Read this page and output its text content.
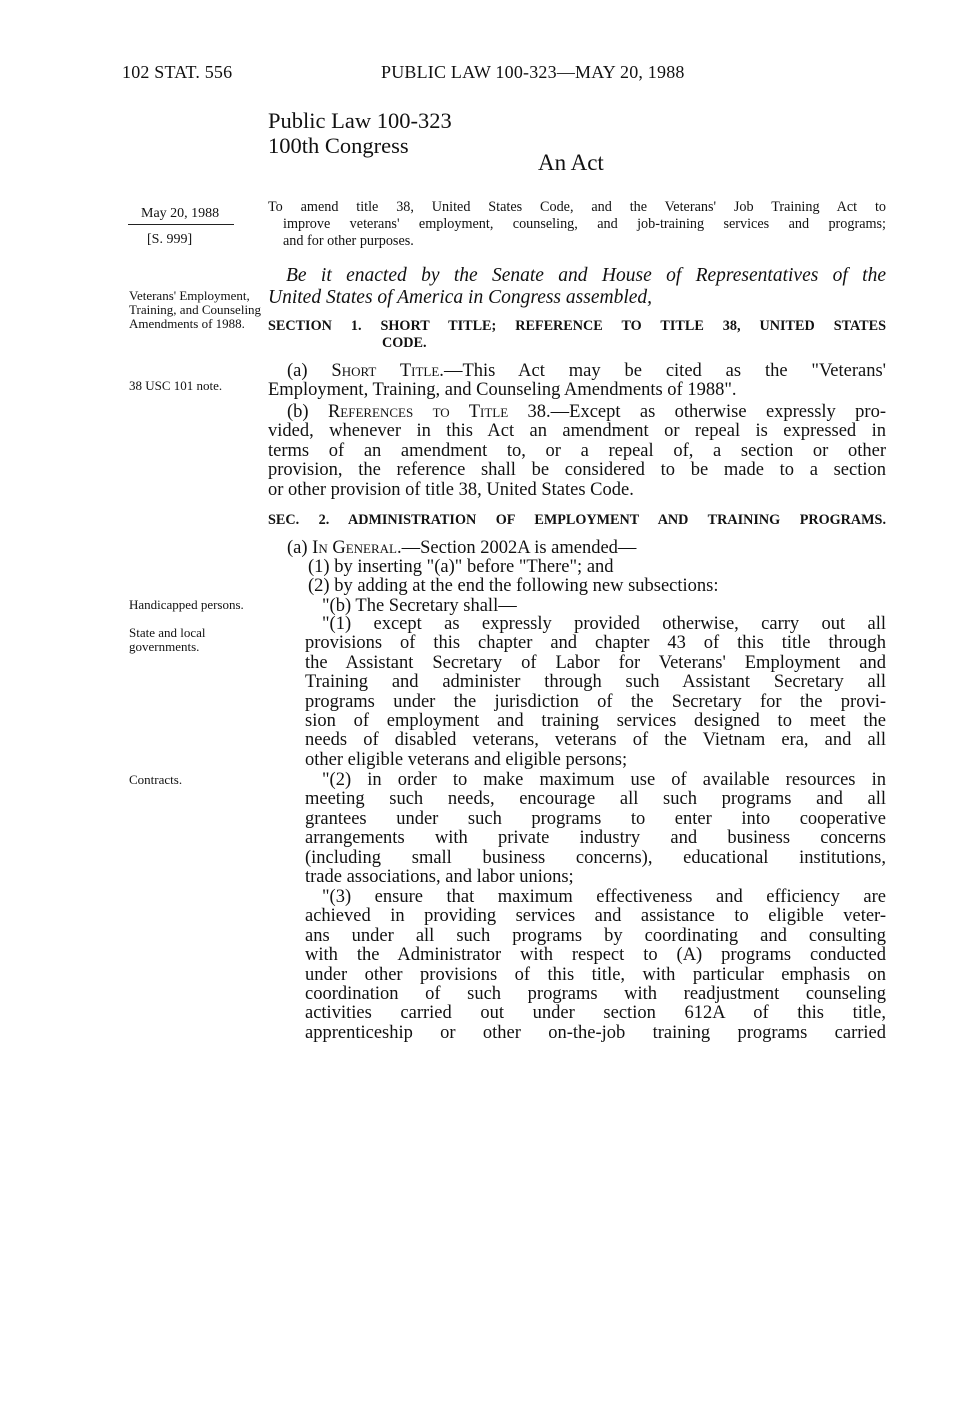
102 STAT. 556	PUBLIC LAW 100-323—MAY 20, 1988
Public Law 100-323
100th Congress
An Act
May 20, 1988
[S. 999]
Veterans' Employment, Training, and Counseling Amendments of 1988.
38 USC 101 note.
Handicapped persons.
State and local governments.
Contracts.
To amend title 38, United States Code, and the Veterans' Job Training Act to
improve veterans' employment, counseling, and job-training services and programs;
and for other purposes.
Be it enacted by the Senate and House of Representatives of the
United States of America in Congress assembled,
SECTION 1. SHORT TITLE; REFERENCE TO TITLE 38, UNITED STATES
CODE.
(a) Short Title.—This Act may be cited as the "Veterans'
Employment, Training, and Counseling Amendments of 1988".
(b) References to Title 38.—Except as otherwise expressly pro-
vided, whenever in this Act an amendment or repeal is expressed in
terms of an amendment to, or a repeal of, a section or other
provision, the reference shall be considered to be made to a section
or other provision of title 38, United States Code.
SEC. 2. ADMINISTRATION OF EMPLOYMENT AND TRAINING PROGRAMS.
(a) In General.—Section 2002A is amended—
(1) by inserting "(a)" before "There"; and
(2) by adding at the end the following new subsections:
"(b) The Secretary shall—
"(1) except as expressly provided otherwise, carry out all
provisions of this chapter and chapter 43 of this title through
the Assistant Secretary of Labor for Veterans' Employment and
Training and administer through such Assistant Secretary all
programs under the jurisdiction of the Secretary for the provi-
sion of employment and training services designed to meet the
needs of disabled veterans, veterans of the Vietnam era, and all
other eligible veterans and eligible persons;
"(2) in order to make maximum use of available resources in
meeting such needs, encourage all such programs and all
grantees under such programs to enter into cooperative
arrangements with private industry and business concerns
(including small business concerns), educational institutions,
trade associations, and labor unions;
"(3) ensure that maximum effectiveness and efficiency are
achieved in providing services and assistance to eligible veter-
ans under all such programs by coordinating and consulting
with the Administrator with respect to (A) programs conducted
under other provisions of this title, with particular emphasis on
coordination of such programs with readjustment counseling
activities carried out under section 612A of this title,
apprenticeship or other on-the-job training programs carried
